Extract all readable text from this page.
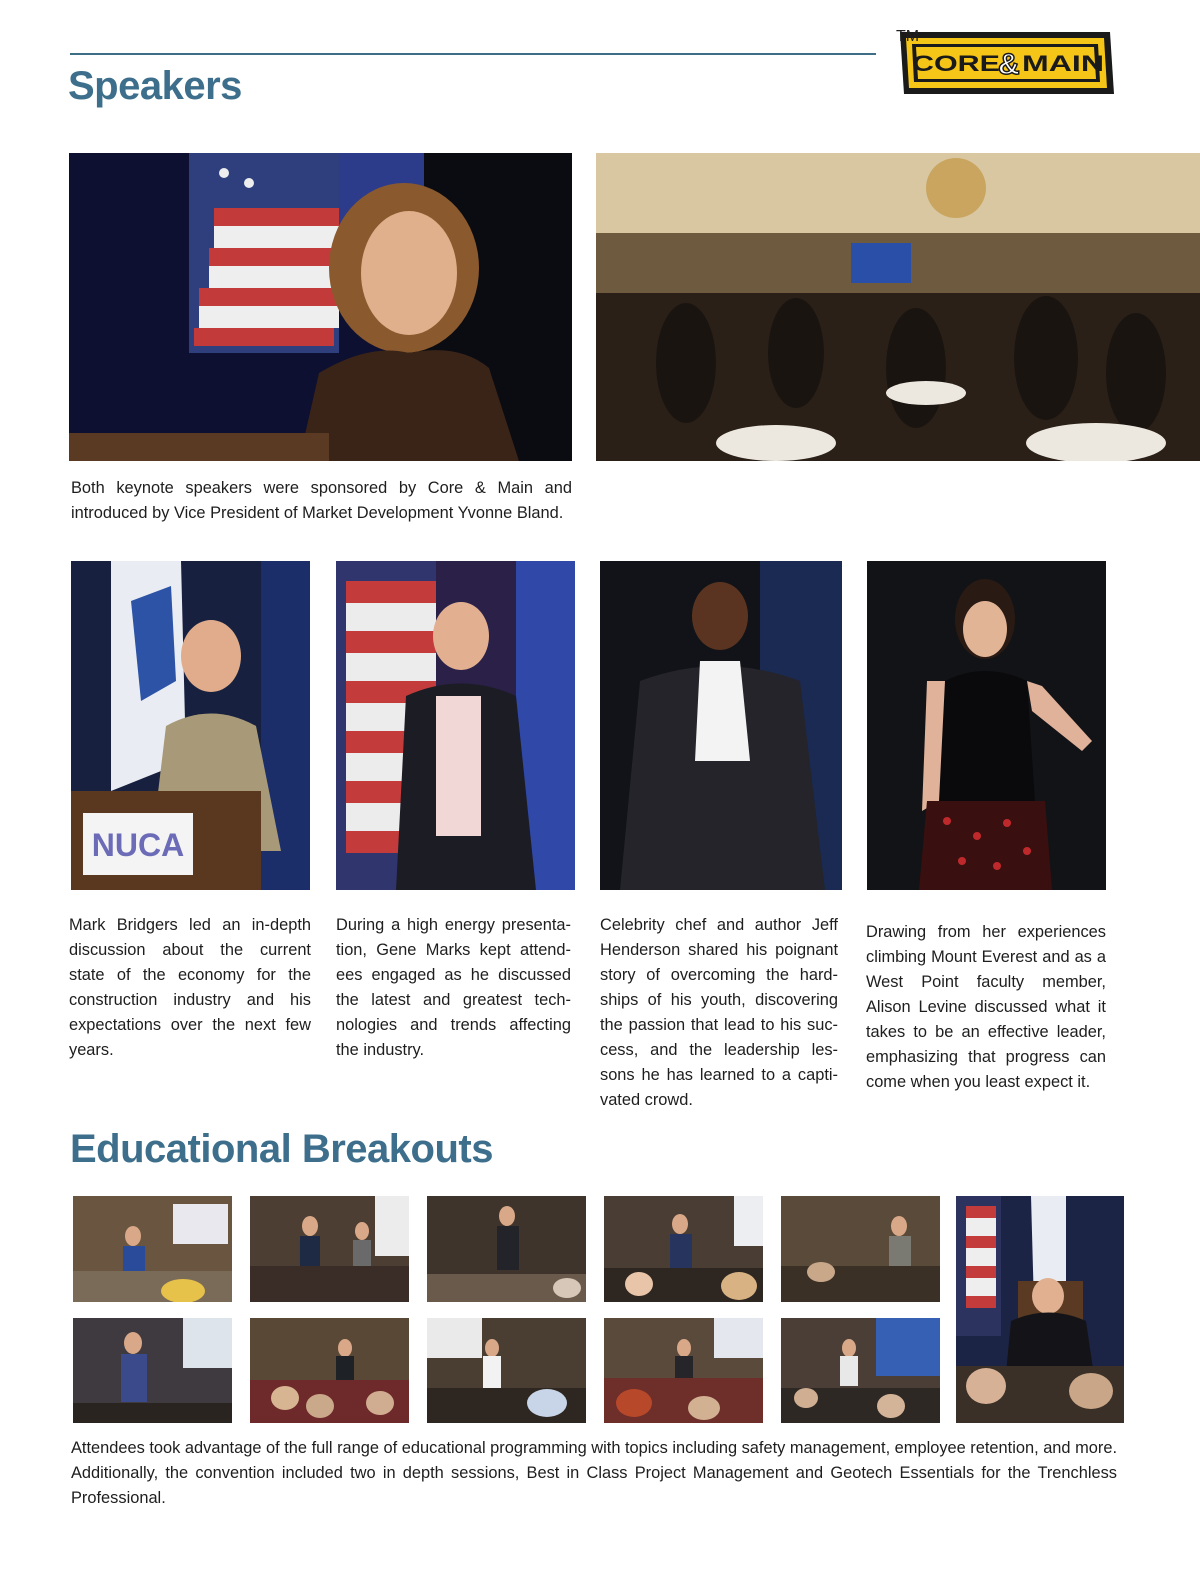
Speakers
CORE
& MAIN
TM

Both keynote speakers were sponsored by Core & Main and introduced by Vice President of Market Development Yvonne Bland.

NUCA

Mark Bridgers led an in-depth discussion about the current state of the economy for the construction industry and his expectations over the next few years.

During a high energy presenta-tion, Gene Marks kept attend-ees engaged as he discussed the latest and greatest tech-nologies and trends affecting the industry.

Celebrity chef and author Jeff Henderson shared his poignant story of overcoming the hard-ships of his youth, discovering the passion that lead to his suc-cess, and the leadership les-sons he has learned to a capti-vated crowd.

Drawing from her experiences climbing Mount Everest and as a West Point faculty member, Alison Levine discussed what it takes to be an effective leader, emphasizing that progress can come when you least expect it.

Educational Breakouts

Attendees took advantage of the full range of educational programming with topics including safety management, employee retention, and more. Additionally, the convention included two in depth sessions, Best in Class Project Management and Geotech Essentials for the Trenchless Professional.
